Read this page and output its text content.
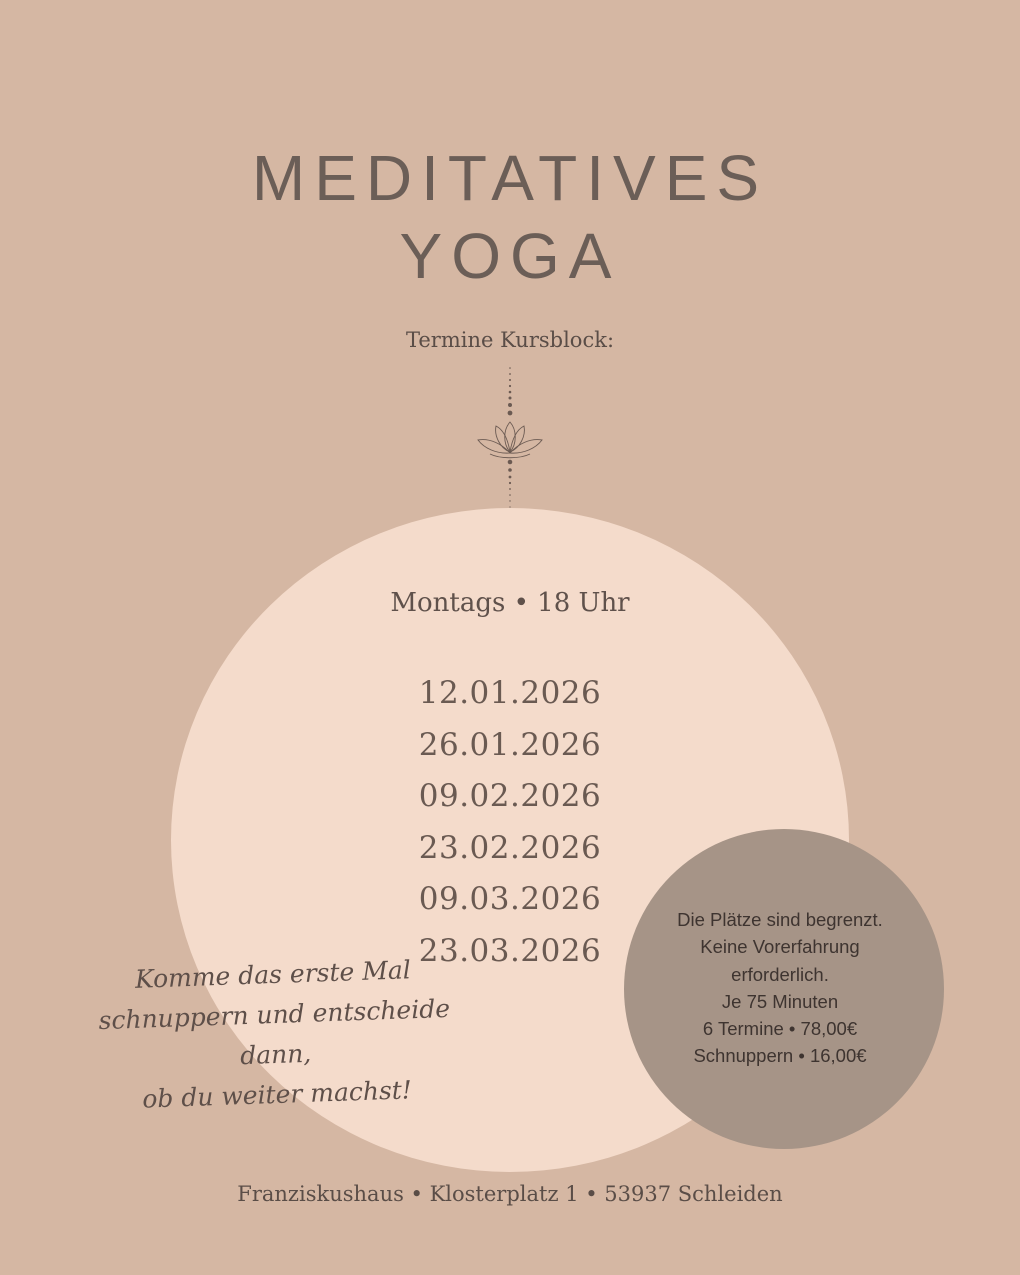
MEDITATIVES
YOGA
Termine Kursblock:
Montags • 18 Uhr
12.01.2026
26.01.2026
09.02.2026
23.02.2026
09.03.2026
23.03.2026
Komme das erste Mal
schnuppern und entscheide dann,
ob du weiter machst!
Die Plätze sind begrenzt.
Keine Vorerfahrung
erforderlich.
Je 75 Minuten
6 Termine • 78,00€
Schnuppern • 16,00€
Franziskushaus • Klosterplatz 1 • 53937 Schleiden
